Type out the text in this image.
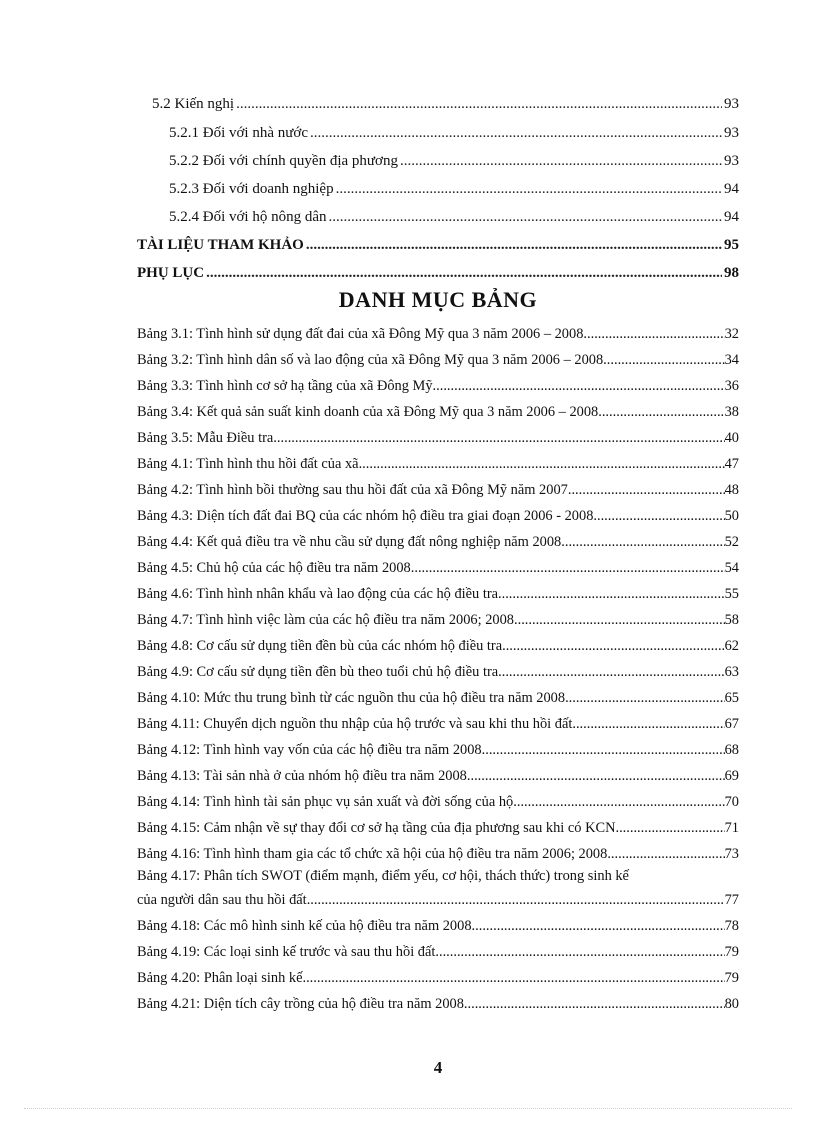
5.2 Kiến nghị .....	93
5.2.1 Đối với nhà nước .....	93
5.2.2 Đối với chính quyền địa phương .....	93
5.2.3 Đối với doanh nghiệp .....	94
5.2.4 Đối với hộ nông dân .....	94
TÀI LIỆU THAM KHẢO .....	95
PHỤ LỤC .....	98
DANH MỤC BẢNG
Bảng 3.1: Tình hình sử dụng đất đai của xã Đông Mỹ qua 3 năm 2006 – 2008 .....	32
Bảng 3.2: Tình hình dân số và lao động của xã Đông Mỹ qua 3 năm 2006 – 2008 .....	34
Bảng 3.3: Tình hình cơ sở hạ tầng của xã Đông Mỹ .....	36
Bảng 3.4: Kết quả sản suất kinh doanh của xã Đông Mỹ qua 3 năm 2006 – 2008 .....	38
Bảng 3.5: Mẫu Điều tra .....	40
Bảng 4.1: Tình hình thu hồi đất của xã .....	47
Bảng 4.2: Tình hình bồi thường sau thu hồi đất của xã Đông Mỹ năm 2007 .....	48
Bảng 4.3: Diện tích đất đai BQ của các nhóm hộ điều tra giai đoạn 2006 - 2008 .....	50
Bảng 4.4: Kết quả điều tra về nhu cầu sử dụng đất nông nghiệp năm 2008 .....	52
Bảng 4.5: Chủ hộ của các hộ điều tra năm 2008 .....	54
Bảng 4.6: Tình hình nhân khẩu và lao động của các hộ điều tra .....	55
Bảng 4.7: Tình hình việc làm của các hộ điều tra năm 2006; 2008 .....	58
Bảng 4.8: Cơ cấu sử dụng tiền đền bù của các nhóm hộ điều tra .....	62
Bảng 4.9: Cơ cấu sử dụng tiền đền bù theo tuổi chủ hộ điều tra .....	63
Bảng 4.10: Mức thu trung bình từ các nguồn thu của hộ điều tra năm 2008 .....	65
Bảng 4.11: Chuyển dịch nguồn thu nhập của hộ trước và sau khi thu hồi đất .....	67
Bảng 4.12: Tình hình vay vốn của các hộ điều tra năm 2008 .....	68
Bảng 4.13: Tài sản nhà ở của nhóm hộ điều tra năm 2008 .....	69
Bảng 4.14: Tình hình tài sản phục vụ sản xuất và đời sống của hộ .....	70
Bảng 4.15: Cảm nhận về sự thay đổi cơ sở hạ tầng của địa phương sau khi có KCN .....	71
Bảng 4.16: Tình hình tham gia các tổ chức xã hội của hộ điều tra năm 2006; 2008 .....	73
Bảng 4.17: Phân tích SWOT (điểm mạnh, điểm yếu, cơ hội, thách thức) trong sinh kế
của người dân sau thu hồi đất .....	77
Bảng 4.18: Các mô hình sinh kế của hộ điều tra năm 2008 .....	78
Bảng 4.19: Các loại sinh kế trước và sau thu hồi đất .....	79
Bảng 4.20: Phân loại sinh kế .....	79
Bảng 4.21: Diện tích cây trồng của hộ điều tra năm 2008 .....	80
4
